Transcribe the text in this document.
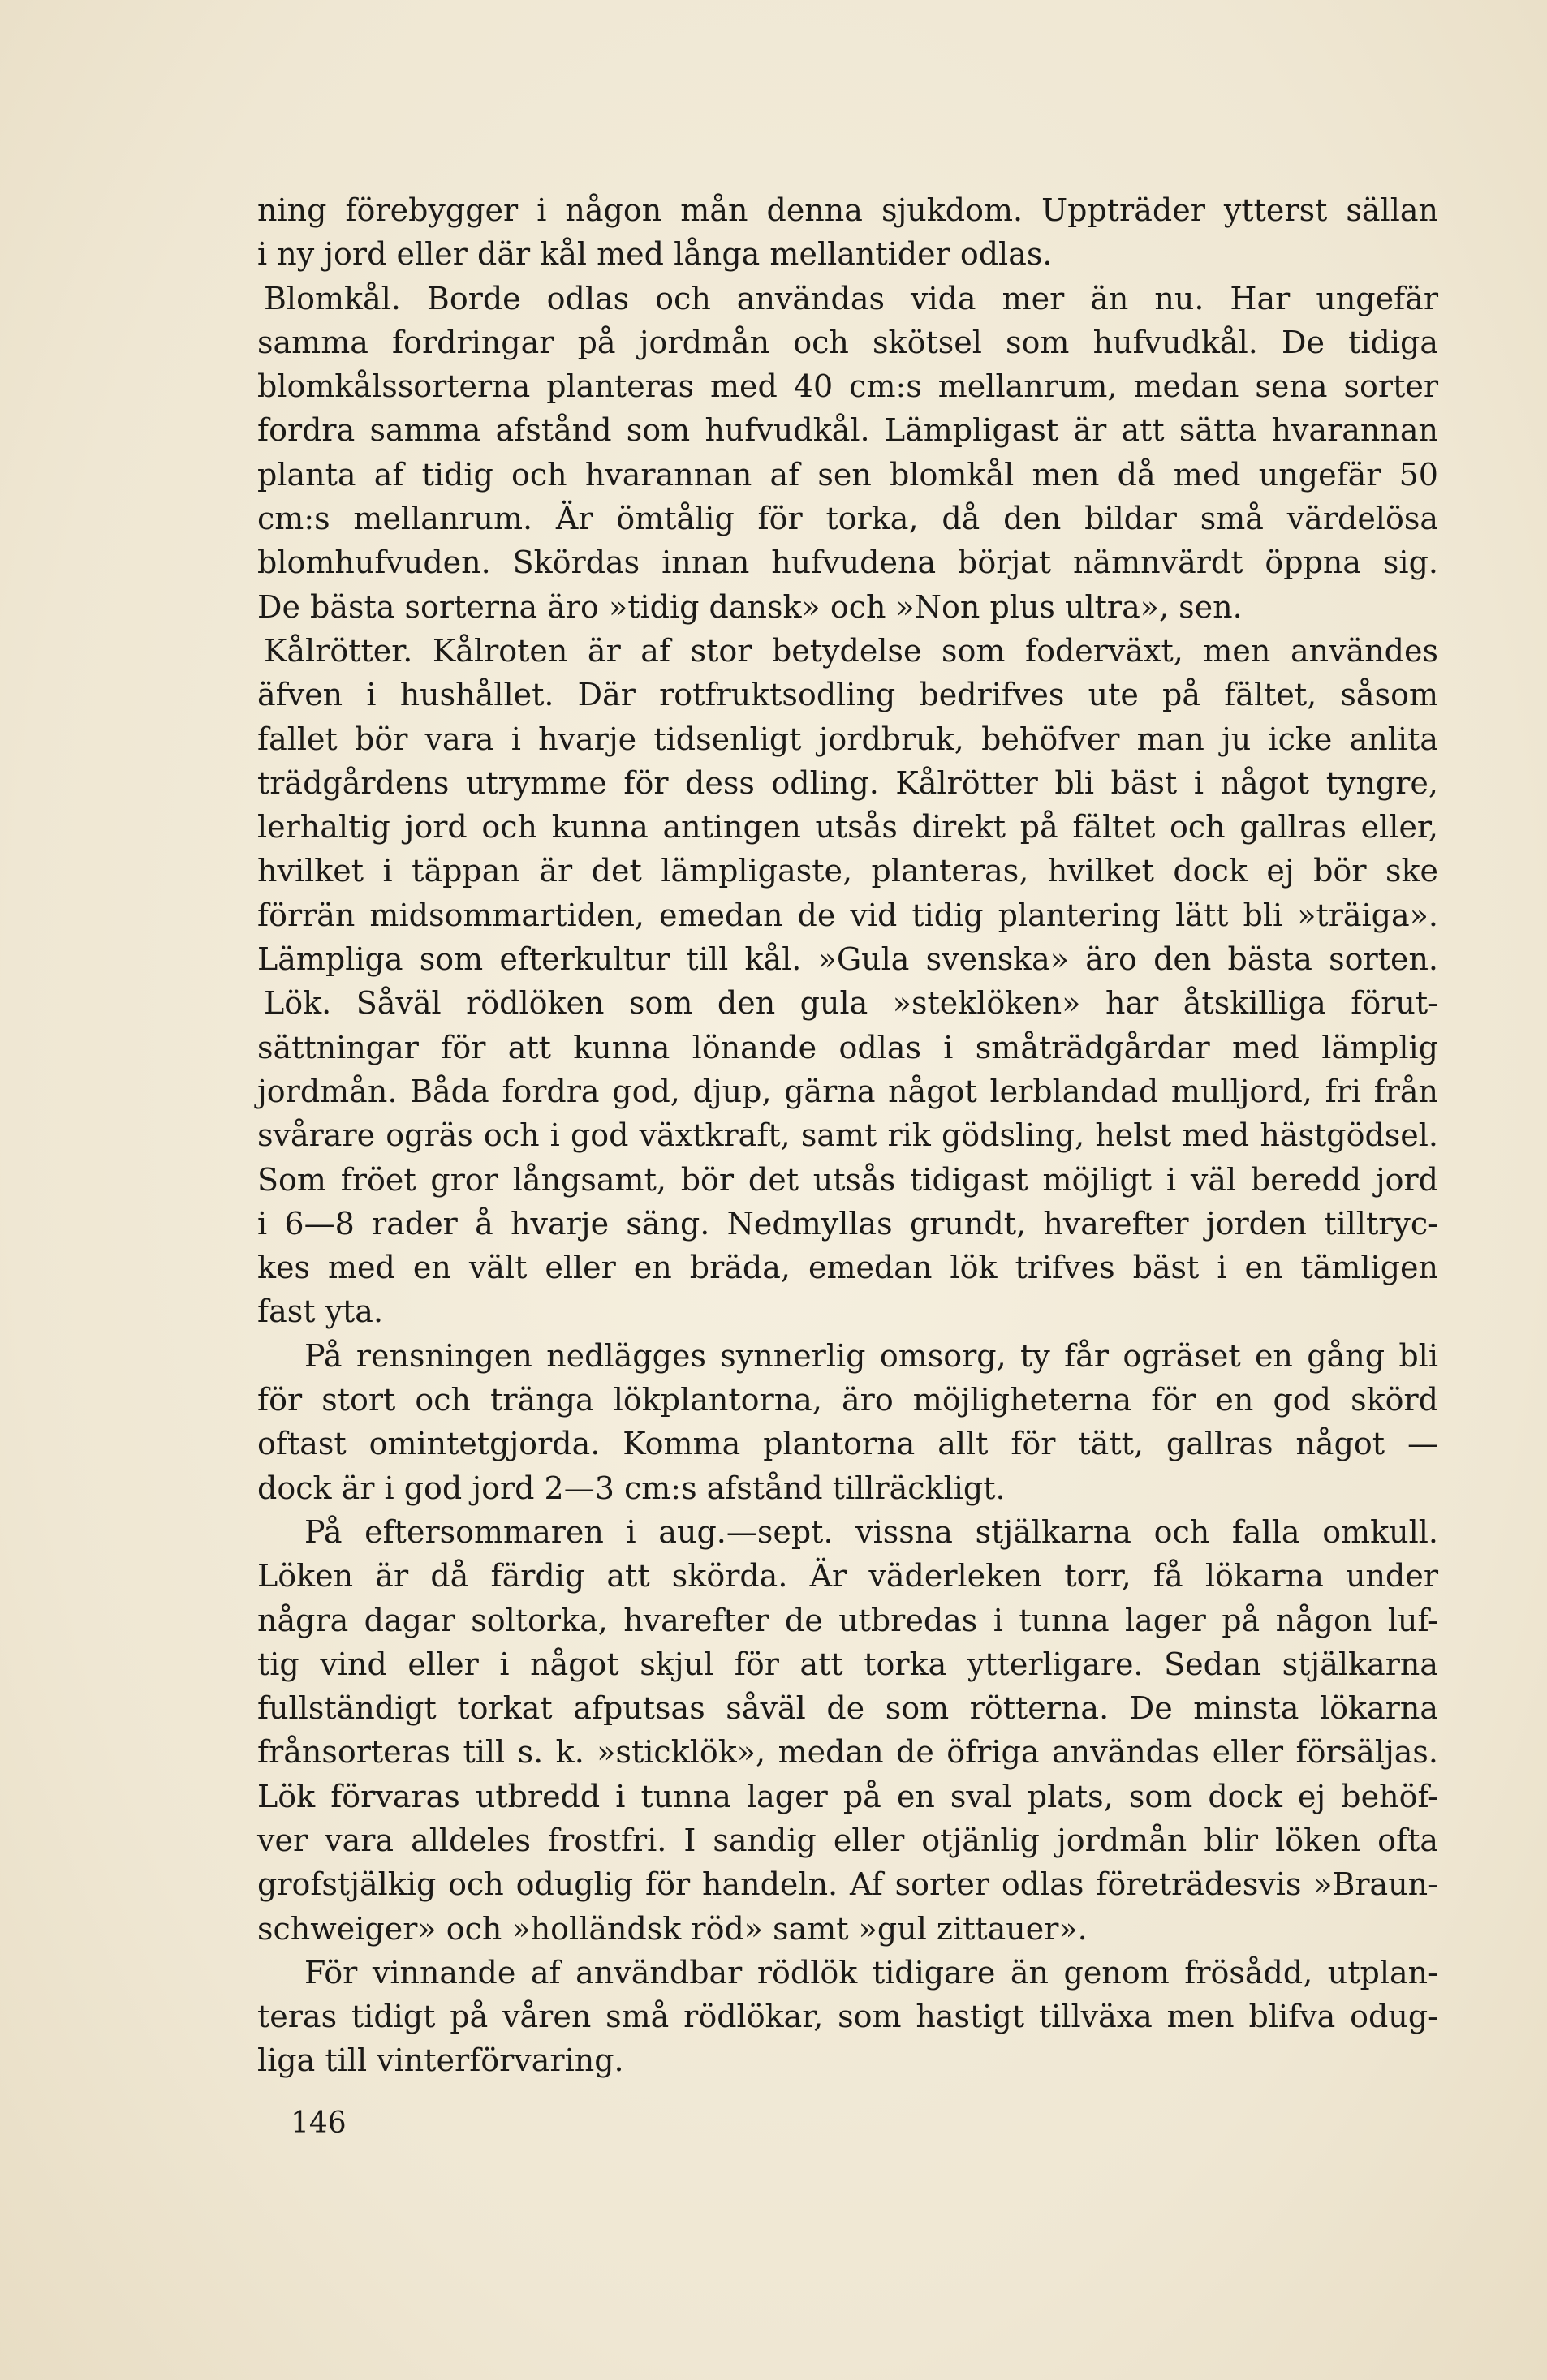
ning förebygger i någon mån denna sjukdom. Uppträder ytterst sällan
i ny jord eller där kål med långa mellantider odlas.
Blomkål. Borde odlas och användas vida mer än nu. Har ungefär
samma fordringar på jordmån och skötsel som hufvudkål. De tidiga
blomkålssorterna planteras med 40 cm:s mellanrum, medan sena sorter
fordra samma afstånd som hufvudkål. Lämpligast är att sätta hvarannan
planta af tidig och hvarannan af sen blomkål men då med ungefär 50
cm:s mellanrum. Är ömtålig för torka, då den bildar små värdelösa
blomhufvuden. Skördas innan hufvudena börjat nämnvärdt öppna sig.
De bästa sorterna äro »tidig dansk» och »Non plus ultra», sen.
Kålrötter. Kålroten är af stor betydelse som foderväxt, men användes
äfven i hushållet. Där rotfruktsodling bedrifves ute på fältet, såsom
fallet bör vara i hvarje tidsenligt jordbruk, behöfver man ju icke anlita
trädgårdens utrymme för dess odling. Kålrötter bli bäst i något tyngre,
lerhaltig jord och kunna antingen utsås direkt på fältet och gallras eller,
hvilket i täppan är det lämpligaste, planteras, hvilket dock ej bör ske
förrän midsommartiden, emedan de vid tidig plantering lätt bli »träiga».
Lämpliga som efterkultur till kål. »Gula svenska» äro den bästa sorten.
Lök. Såväl rödlöken som den gula »steklöken» har åtskilliga förut-
sättningar för att kunna lönande odlas i småträdgårdar med lämplig
jordmån. Båda fordra god, djup, gärna något lerblandad mulljord, fri från
svårare ogräs och i god växtkraft, samt rik gödsling, helst med hästgödsel.
Som fröet gror långsamt, bör det utsås tidigast möjligt i väl beredd jord
i 6—8 rader å hvarje säng. Nedmyllas grundt, hvarefter jorden tilltryc-
kes med en vält eller en bräda, emedan lök trifves bäst i en tämligen
fast yta.
På rensningen nedlägges synnerlig omsorg, ty får ogräset en gång bli
för stort och tränga lökplantorna, äro möjligheterna för en god skörd
oftast omintetgjorda. Komma plantorna allt för tätt, gallras något —
dock är i god jord 2—3 cm:s afstånd tillräckligt.
På eftersommaren i aug.—sept. vissna stjälkarna och falla omkull.
Löken är då färdig att skörda. Är väderleken torr, få lökarna under
några dagar soltorka, hvarefter de utbredas i tunna lager på någon luf-
tig vind eller i något skjul för att torka ytterligare. Sedan stjälkarna
fullständigt torkat afputsas såväl de som rötterna. De minsta lökarna
frånsorteras till s. k. »sticklök», medan de öfriga användas eller försäljas.
Lök förvaras utbredd i tunna lager på en sval plats, som dock ej behöf-
ver vara alldeles frostfri. I sandig eller otjänlig jordmån blir löken ofta
grofstjälkig och oduglig för handeln. Af sorter odlas företrädesvis »Braun-
schweiger» och »holländsk röd» samt »gul zittauer».
För vinnande af användbar rödlök tidigare än genom frösådd, utplan-
teras tidigt på våren små rödlökar, som hastigt tillväxa men blifva odug-
liga till vinterförvaring.
146
